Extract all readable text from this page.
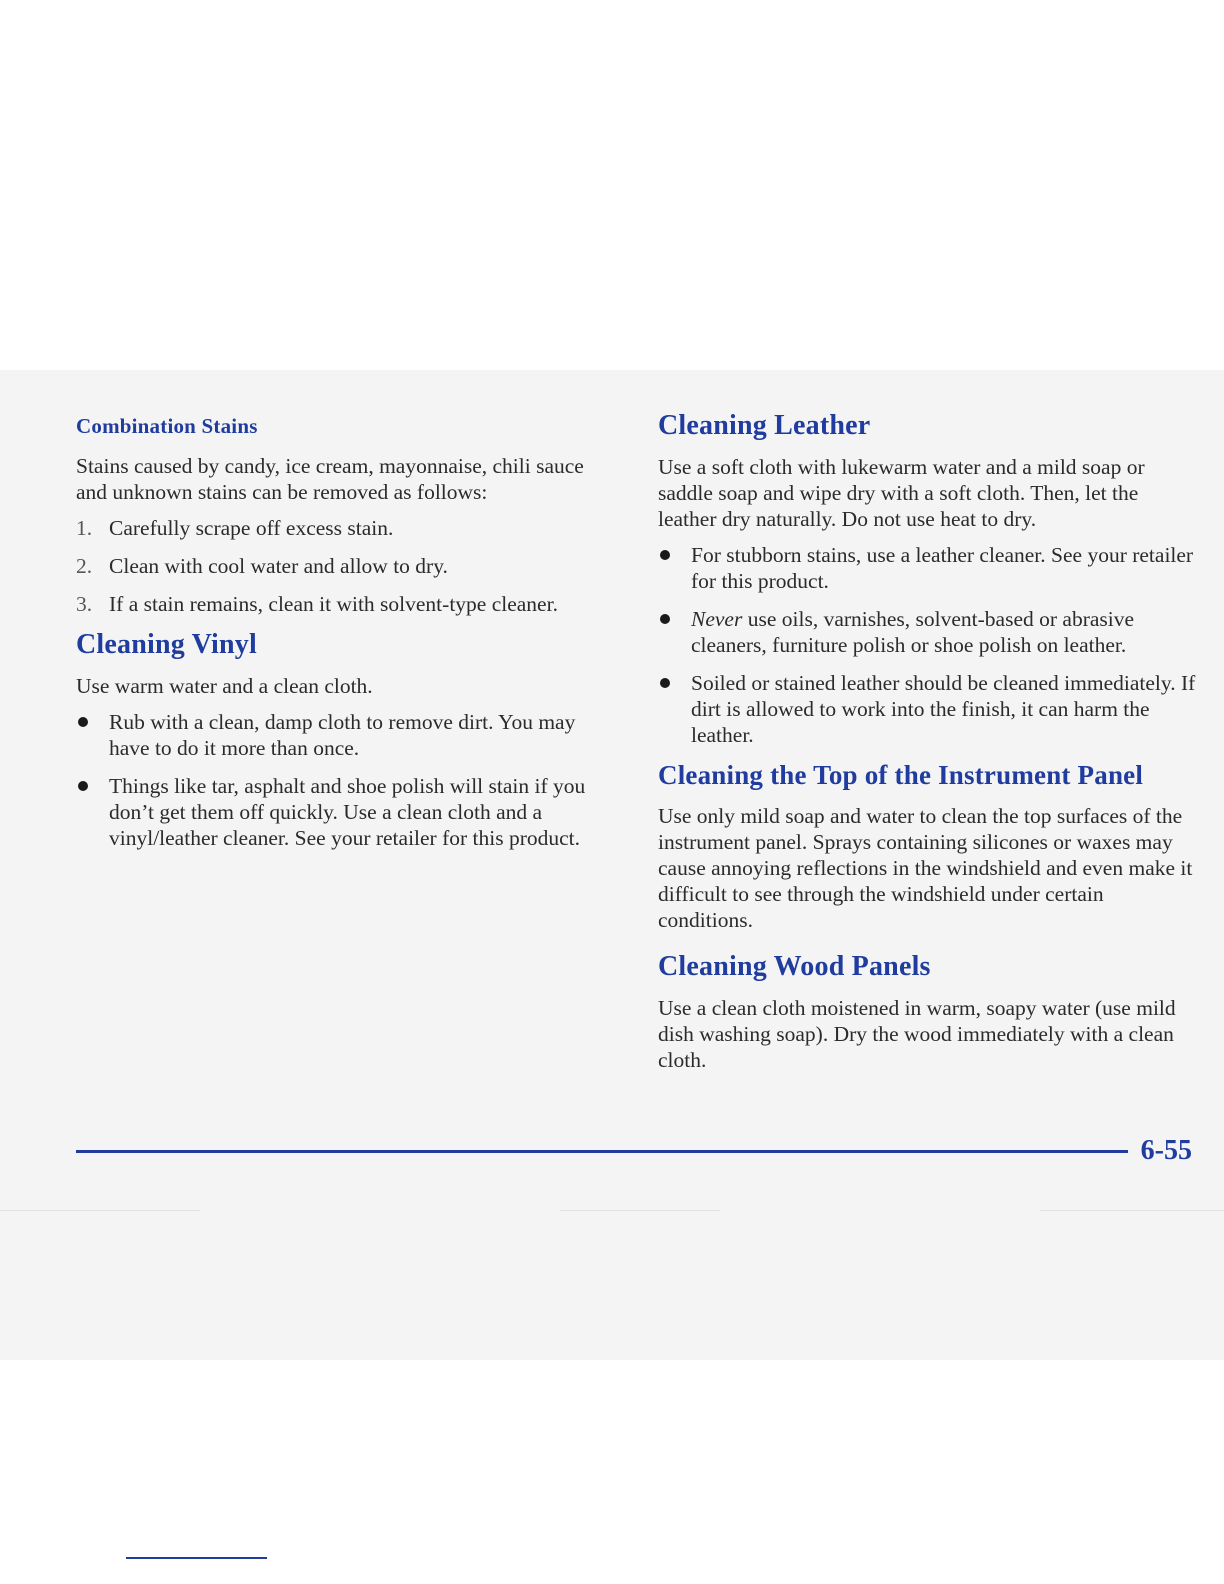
Combination Stains

Stains caused by candy, ice cream, mayonnaise, chili sauce and unknown stains can be removed as follows:

1. Carefully scrape off excess stain.
2. Clean with cool water and allow to dry.
3. If a stain remains, clean it with solvent-type cleaner.
Cleaning Vinyl

Use warm water and a clean cloth.

Rub with a clean, damp cloth to remove dirt. You may have to do it more than once.
Things like tar, asphalt and shoe polish will stain if you don’t get them off quickly. Use a clean cloth and a vinyl/leather cleaner. See your retailer for this product.
Cleaning Leather

Use a soft cloth with lukewarm water and a mild soap or saddle soap and wipe dry with a soft cloth. Then, let the leather dry naturally. Do not use heat to dry.

For stubborn stains, use a leather cleaner. See your retailer for this product.
Never use oils, varnishes, solvent-based or abrasive cleaners, furniture polish or shoe polish on leather.
Soiled or stained leather should be cleaned immediately. If dirt is allowed to work into the finish, it can harm the leather.
Cleaning the Top of the Instrument Panel

Use only mild soap and water to clean the top surfaces of the instrument panel. Sprays containing silicones or waxes may cause annoying reflections in the windshield and even make it difficult to see through the windshield under certain conditions.

Cleaning Wood Panels

Use a clean cloth moistened in warm, soapy water (use mild dish washing soap). Dry the wood immediately with a clean cloth.

6-55
